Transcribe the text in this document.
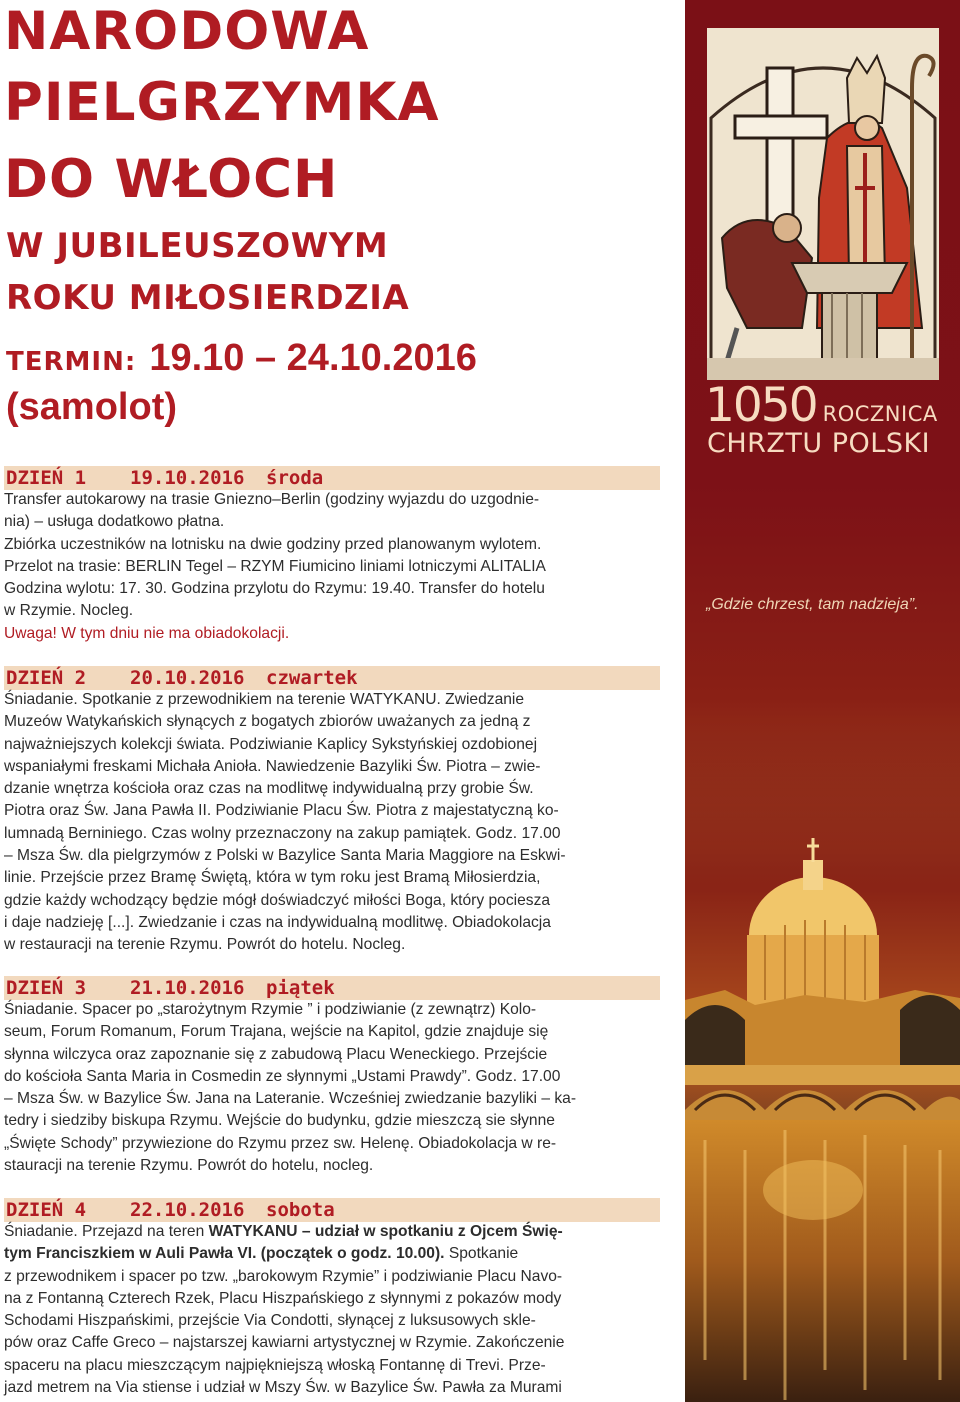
NARODOWA
PIELGRZYMKA
DO WŁOCH
W JUBILEUSZOWYM
ROKU MIŁOSIERDZIA
TERMIN: 19.10 – 24.10.2016
(samolot)
DZIEŃ 1 19.10.2016 środa

Transfer autokarowy na trasie Gniezno–Berlin (godziny wyjazdu do uzgodnie-

nia) – usługa dodatkowo płatna.

Zbiórka uczestników na lotnisku na dwie godziny przed planowanym wylotem.

Przelot na trasie: BERLIN Tegel – RZYM Fiumicino liniami lotniczymi ALITALIA

Godzina wylotu: 17. 30. Godzina przylotu do Rzymu: 19.40. Transfer do hotelu

w Rzymie. Nocleg.

Uwaga! W tym dniu nie ma obiadokolacji.

DZIEŃ 2 20.10.2016 czwartek

Śniadanie. Spotkanie z przewodnikiem na terenie WATYKANU. Zwiedzanie

Muzeów Watykańskich słynących z bogatych zbiorów uważanych za jedną z

najważniejszych kolekcji świata. Podziwianie Kaplicy Sykstyńskiej ozdobionej

wspaniałymi freskami Michała Anioła. Nawiedzenie Bazyliki Św. Piotra – zwie-

dzanie wnętrza kościoła oraz czas na modlitwę indywidualną przy grobie Św.

Piotra oraz Św. Jana Pawła II. Podziwianie Placu Św. Piotra z majestatyczną ko-

lumnadą Berniniego. Czas wolny przeznaczony na zakup pamiątek. Godz. 17.00

– Msza Św. dla pielgrzymów z Polski w Bazylice Santa Maria Maggiore na Eskwi-

linie. Przejście przez Bramę Świętą, która w tym roku jest Bramą Miłosierdzia,

gdzie każdy wchodzący będzie mógł doświadczyć miłości Boga, który pociesza

i daje nadzieję [...]. Zwiedzanie i czas na indywidualną modlitwę. Obiadokolacja

w restauracji na terenie Rzymu. Powrót do hotelu. Nocleg.

DZIEŃ 3 21.10.2016 piątek

Śniadanie. Spacer po „starożytnym Rzymie ” i podziwianie (z zewnątrz) Kolo-

seum, Forum Romanum, Forum Trajana, wejście na Kapitol, gdzie znajduje się

słynna wilczyca oraz zapoznanie się z zabudową Placu Weneckiego. Przejście

do kościoła Santa Maria in Cosmedin ze słynnymi „Ustami Prawdy”. Godz. 17.00

– Msza Św. w Bazylice Św. Jana na Lateranie. Wcześniej zwiedzanie bazyliki – ka-

tedry i siedziby biskupa Rzymu. Wejście do budynku, gdzie mieszczą sie słynne

„Święte Schody” przywiezione do Rzymu przez sw. Helenę. Obiadokolacja w re-

stauracji na terenie Rzymu. Powrót do hotelu, nocleg.

DZIEŃ 4 22.10.2016 sobota

Śniadanie. Przejazd na teren WATYKANU – udział w spotkaniu z Ojcem Świę-

tym Franciszkiem w Auli Pawła VI. (początek o godz. 10.00). Spotkanie

z przewodnikem i spacer po tzw. „barokowym Rzymie” i podziwianie Placu Navo-

na z Fontanną Czterech Rzek, Placu Hiszpańskiego z słynnymi z pokazów mody

Schodami Hiszpańskimi, przejście Via Condotti, słynącej z luksusowych skle-

pów oraz Caffe Greco – najstarszej kawiarni artystycznej w Rzymie. Zakończenie

spaceru na placu mieszczącym najpiękniejszą włoską Fontannę di Trevi. Prze-

jazd metrem na Via stiense i udział w Mszy Św. w Bazylice Św. Pawła za Murami

1050 ROCZNICA
CHRZTU POLSKI
„Gdzie chrzest, tam nadzieja”.
